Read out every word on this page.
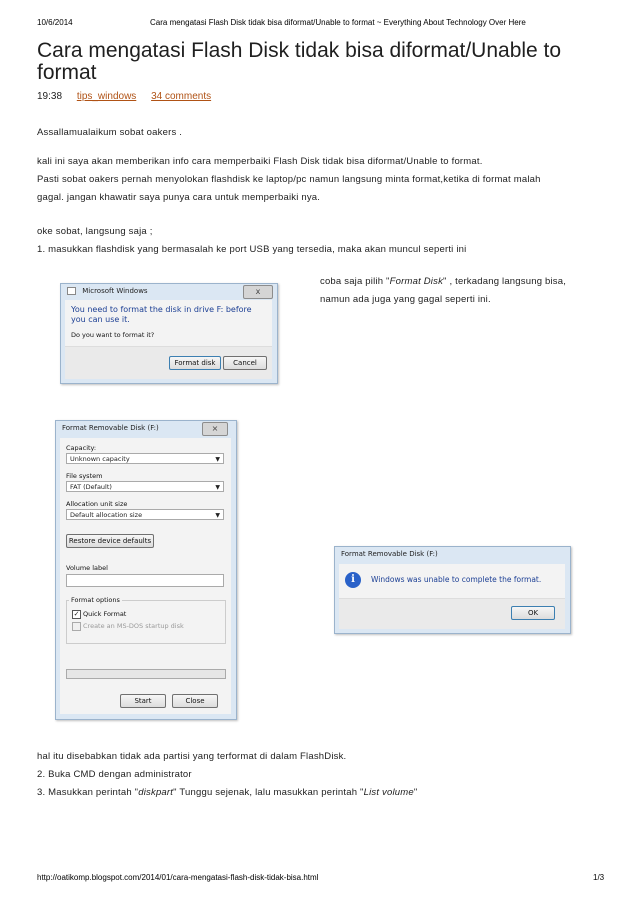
10/6/2014	Cara mengatasi Flash Disk tidak bisa diformat/Unable to format ~ Everything About Technology Over Here
Cara mengatasi Flash Disk tidak bisa diformat/Unable to format
19:38 tips_windows 34 comments
Assallamualaikum sobat oakers .
kali ini saya akan memberikan info cara memperbaiki Flash Disk tidak bisa diformat/Unable to format.
Pasti sobat oakers pernah menyolokan flashdisk ke laptop/pc namun langsung minta format,ketika di format malah
gagal. jangan khawatir saya punya cara untuk memperbaiki nya.
oke sobat, langsung saja ;
1. masukkan flashdisk yang bermasalah ke port USB yang tersedia, maka akan muncul seperti ini
coba saja pilih "Format Disk" , terkadang langsung bisa,
namun ada juga yang gagal seperti ini.
Microsoft Windows	x
You need to format the disk in drive F: before you can use it.
Do you want to format it?
Format disk	Cancel
Format Removable Disk (F:)	×
Capacity:
Unknown capacity	▼
File system
FAT (Default)	▼
Allocation unit size
Default allocation size	▼
Restore device defaults
Volume label
Format options
✓ Quick Format
Create an MS-DOS startup disk
Start	Close
Format Removable Disk (F:)
i	Windows was unable to complete the format.
OK
hal itu disebabkan tidak ada partisi yang terformat di dalam FlashDisk.
2. Buka CMD dengan administrator
3. Masukkan perintah "diskpart" Tunggu sejenak, lalu masukkan perintah "List volume"
http://oatikomp.blogspot.com/2014/01/cara-mengatasi-flash-disk-tidak-bisa.html	1/3
